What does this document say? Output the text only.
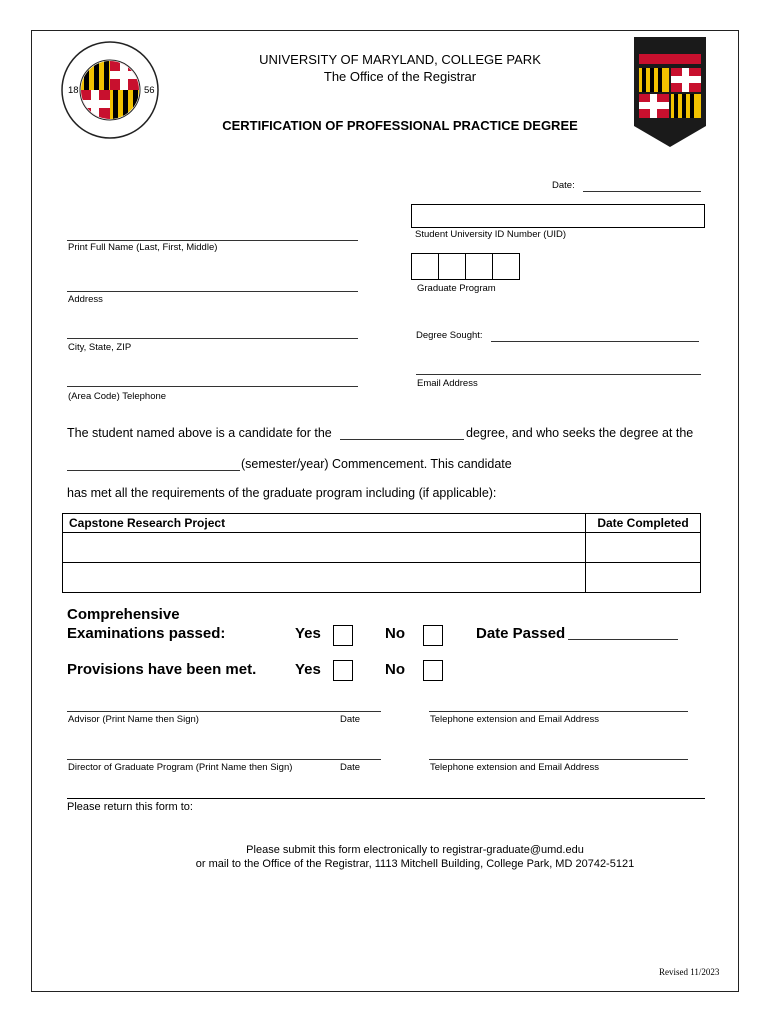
18	56
UNIVERSITY OF MARYLAND, COLLEGE PARK
The Office of the Registrar
CERTIFICATION OF PROFESSIONAL PRACTICE DEGREE
Date:
Student University ID Number (UID)
Print Full Name (Last, First, Middle)
Graduate Program
Address
City, State, ZIP
Degree Sought:
Email Address
(Area Code) Telephone
The student named above is a candidate for the	degree, and who seeks the degree at the
(semester/year) Commencement. This candidate
has met all the requirements of the graduate program including (if applicable):
Capstone Research Project	Date Completed

Comprehensive
Examinations passed:	Yes	No	Date Passed
Provisions have been met.	Yes	No
Advisor (Print Name then Sign)	Date	Telephone extension and Email Address
Director of Graduate Program (Print Name then Sign)	Date	Telephone extension and Email Address
Please return this form to:
Please submit this form electronically to registrar-graduate@umd.edu
or mail to the Office of the Registrar, 1113 Mitchell Building, College Park, MD 20742-5121
Revised 11/2023
